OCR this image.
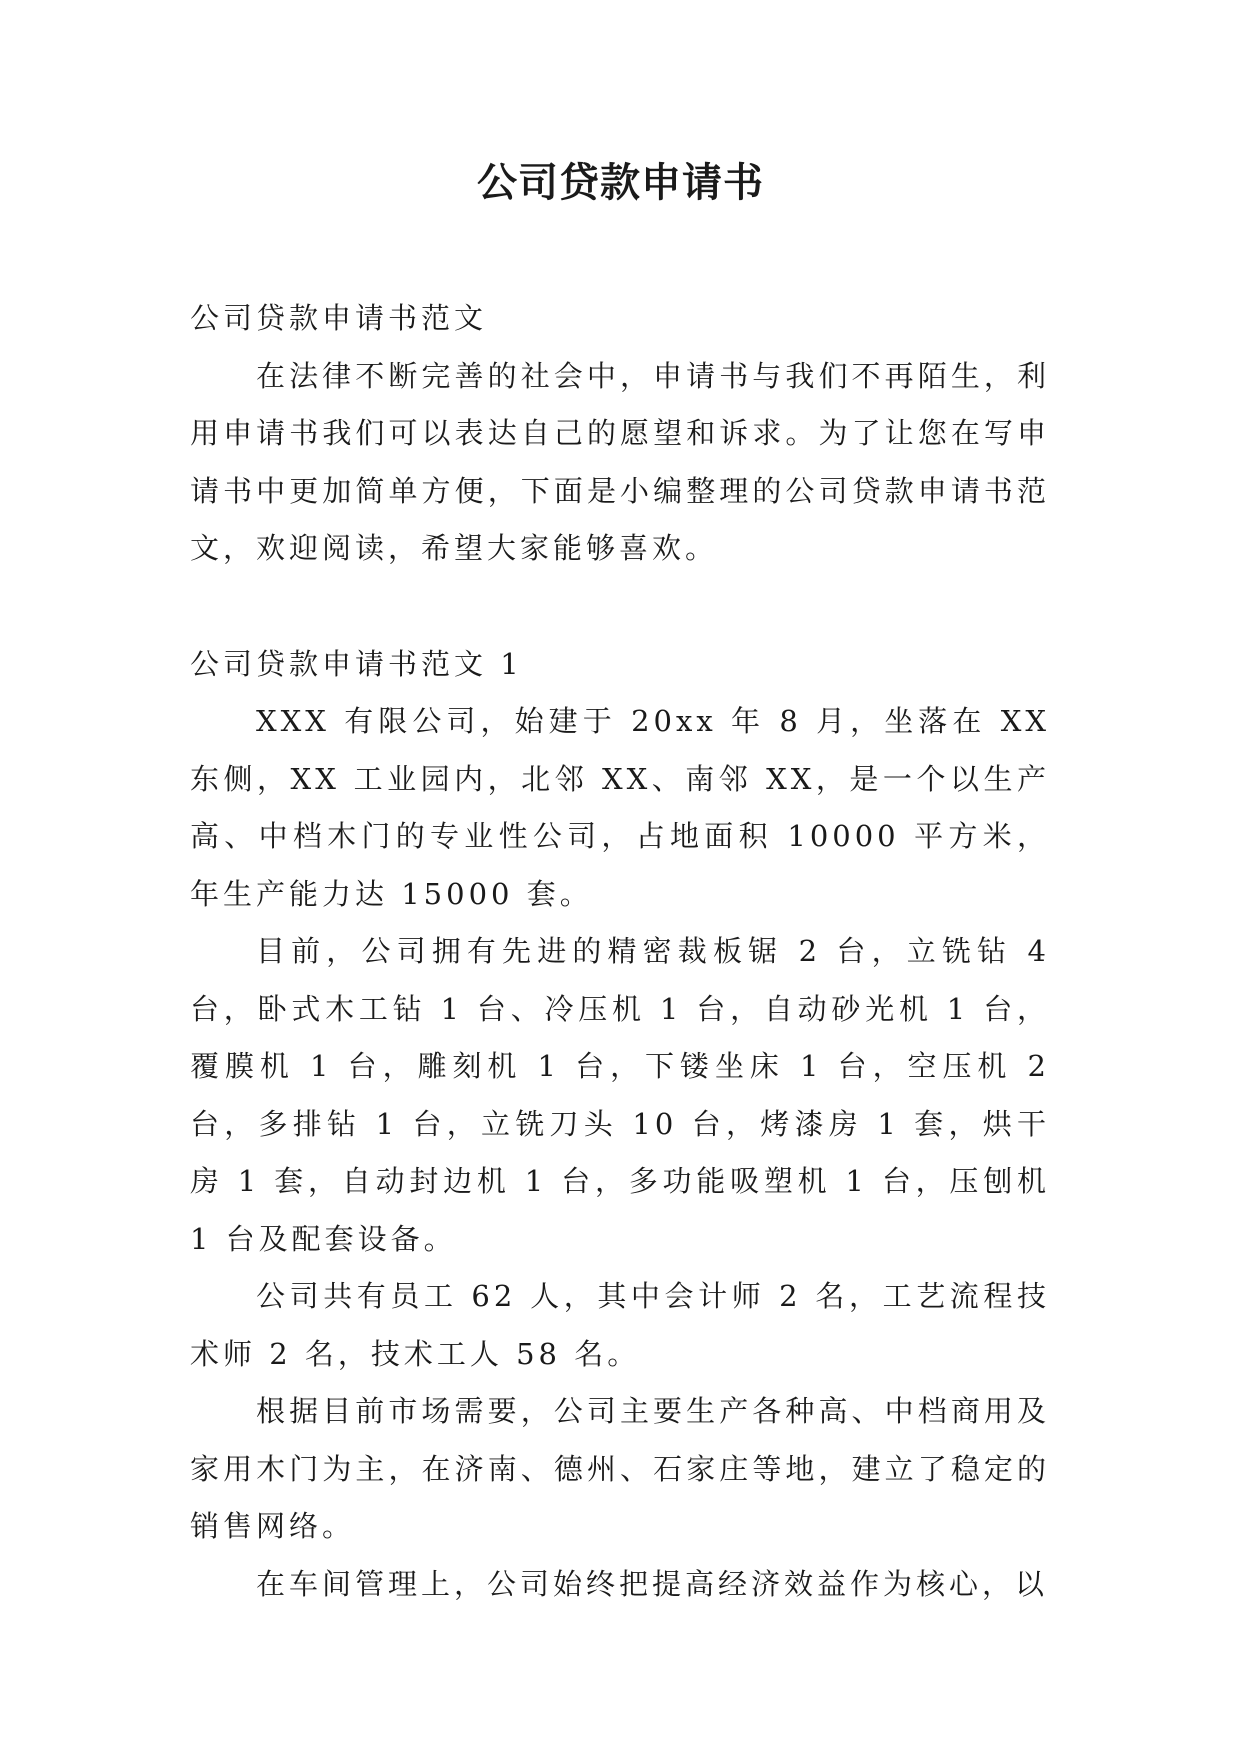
公司贷款申请书

公司贷款申请书范文

在法律不断完善的社会中，申请书与我们不再陌生，利用申请书我们可以表达自己的愿望和诉求。为了让您在写申请书中更加简单方便，下面是小编整理的公司贷款申请书范文，欢迎阅读，希望大家能够喜欢。

公司贷款申请书范文 1

XXX 有限公司，始建于 20xx 年 8 月，坐落在 XX 东侧，XX 工业园内，北邻 XX、南邻 XX，是一个以生产高、中档木门的专业性公司，占地面积 10000 平方米，年生产能力达 15000 套。

目前，公司拥有先进的精密裁板锯 2 台，立铣钻 4 台，卧式木工钻 1 台、冷压机 1 台，自动砂光机 1 台，覆膜机 1 台，雕刻机 1 台，下镂坐床 1 台，空压机 2 台，多排钻 1 台，立铣刀头 10 台，烤漆房 1 套，烘干房 1 套，自动封边机 1 台，多功能吸塑机 1 台，压刨机 1 台及配套设备。

公司共有员工 62 人，其中会计师 2 名，工艺流程技术师 2 名，技术工人 58 名。

根据目前市场需要，公司主要生产各种高、中档商用及家用木门为主，在济南、德州、石家庄等地，建立了稳定的销售网络。

在车间管理上，公司始终把提高经济效益作为核心，以
